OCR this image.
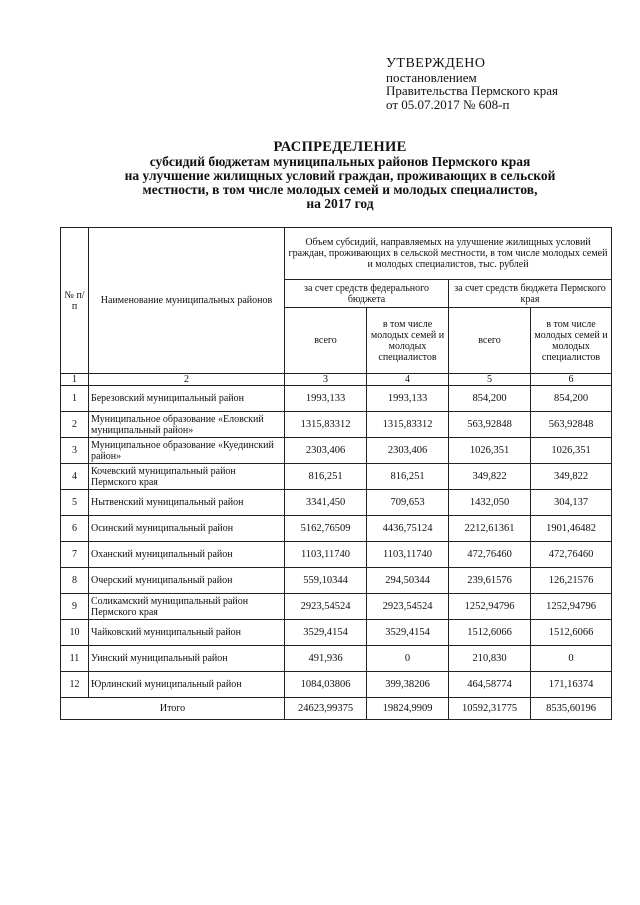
УТВЕРЖДЕНО
постановлением
Правительства Пермского края
от 05.07.2017 № 608-п
РАСПРЕДЕЛЕНИЕ
субсидий бюджетам муниципальных районов Пермского края
на улучшение жилищных условий граждан, проживающих в сельской
местности, в том числе молодых семей и молодых специалистов,
на 2017 год
№ п/п	Наименование муниципальных районов	Объем субсидий, направляемых на улучшение жилищных условий граждан, проживающих в сельской местности, в том числе молодых семей и молодых специалистов, тыс. рублей			
		за счет средств федерального бюджета		за счет средств бюджета Пермского края	
		всего	в том числе молодых семей и молодых специалистов	всего	в том числе молодых семей и молодых специалистов
1	2	3	4	5	6
1	Березовский муниципальный район	1993,133	1993,133	854,200	854,200
2	Муниципальное образование «Еловский муниципальный район»	1315,83312	1315,83312	563,92848	563,92848
3	Муниципальное образование «Куединский район»	2303,406	2303,406	1026,351	1026,351
4	Кочевский муниципальный район Пермского края	816,251	816,251	349,822	349,822
5	Нытвенский муниципальный район	3341,450	709,653	1432,050	304,137
6	Осинский муниципальный район	5162,76509	4436,75124	2212,61361	1901,46482
7	Оханский муниципальный район	1103,11740	1103,11740	472,76460	472,76460
8	Очерский муниципальный район	559,10344	294,50344	239,61576	126,21576
9	Соликамский муниципальный район Пермского края	2923,54524	2923,54524	1252,94796	1252,94796
10	Чайковский муниципальный район	3529,4154	3529,4154	1512,6066	1512,6066
11	Уинский муниципальный район	491,936	0	210,830	0
12	Юрлинский муниципальный район	1084,03806	399,38206	464,58774	171,16374
Итого		24623,99375	19824,9909	10592,31775	8535,60196
